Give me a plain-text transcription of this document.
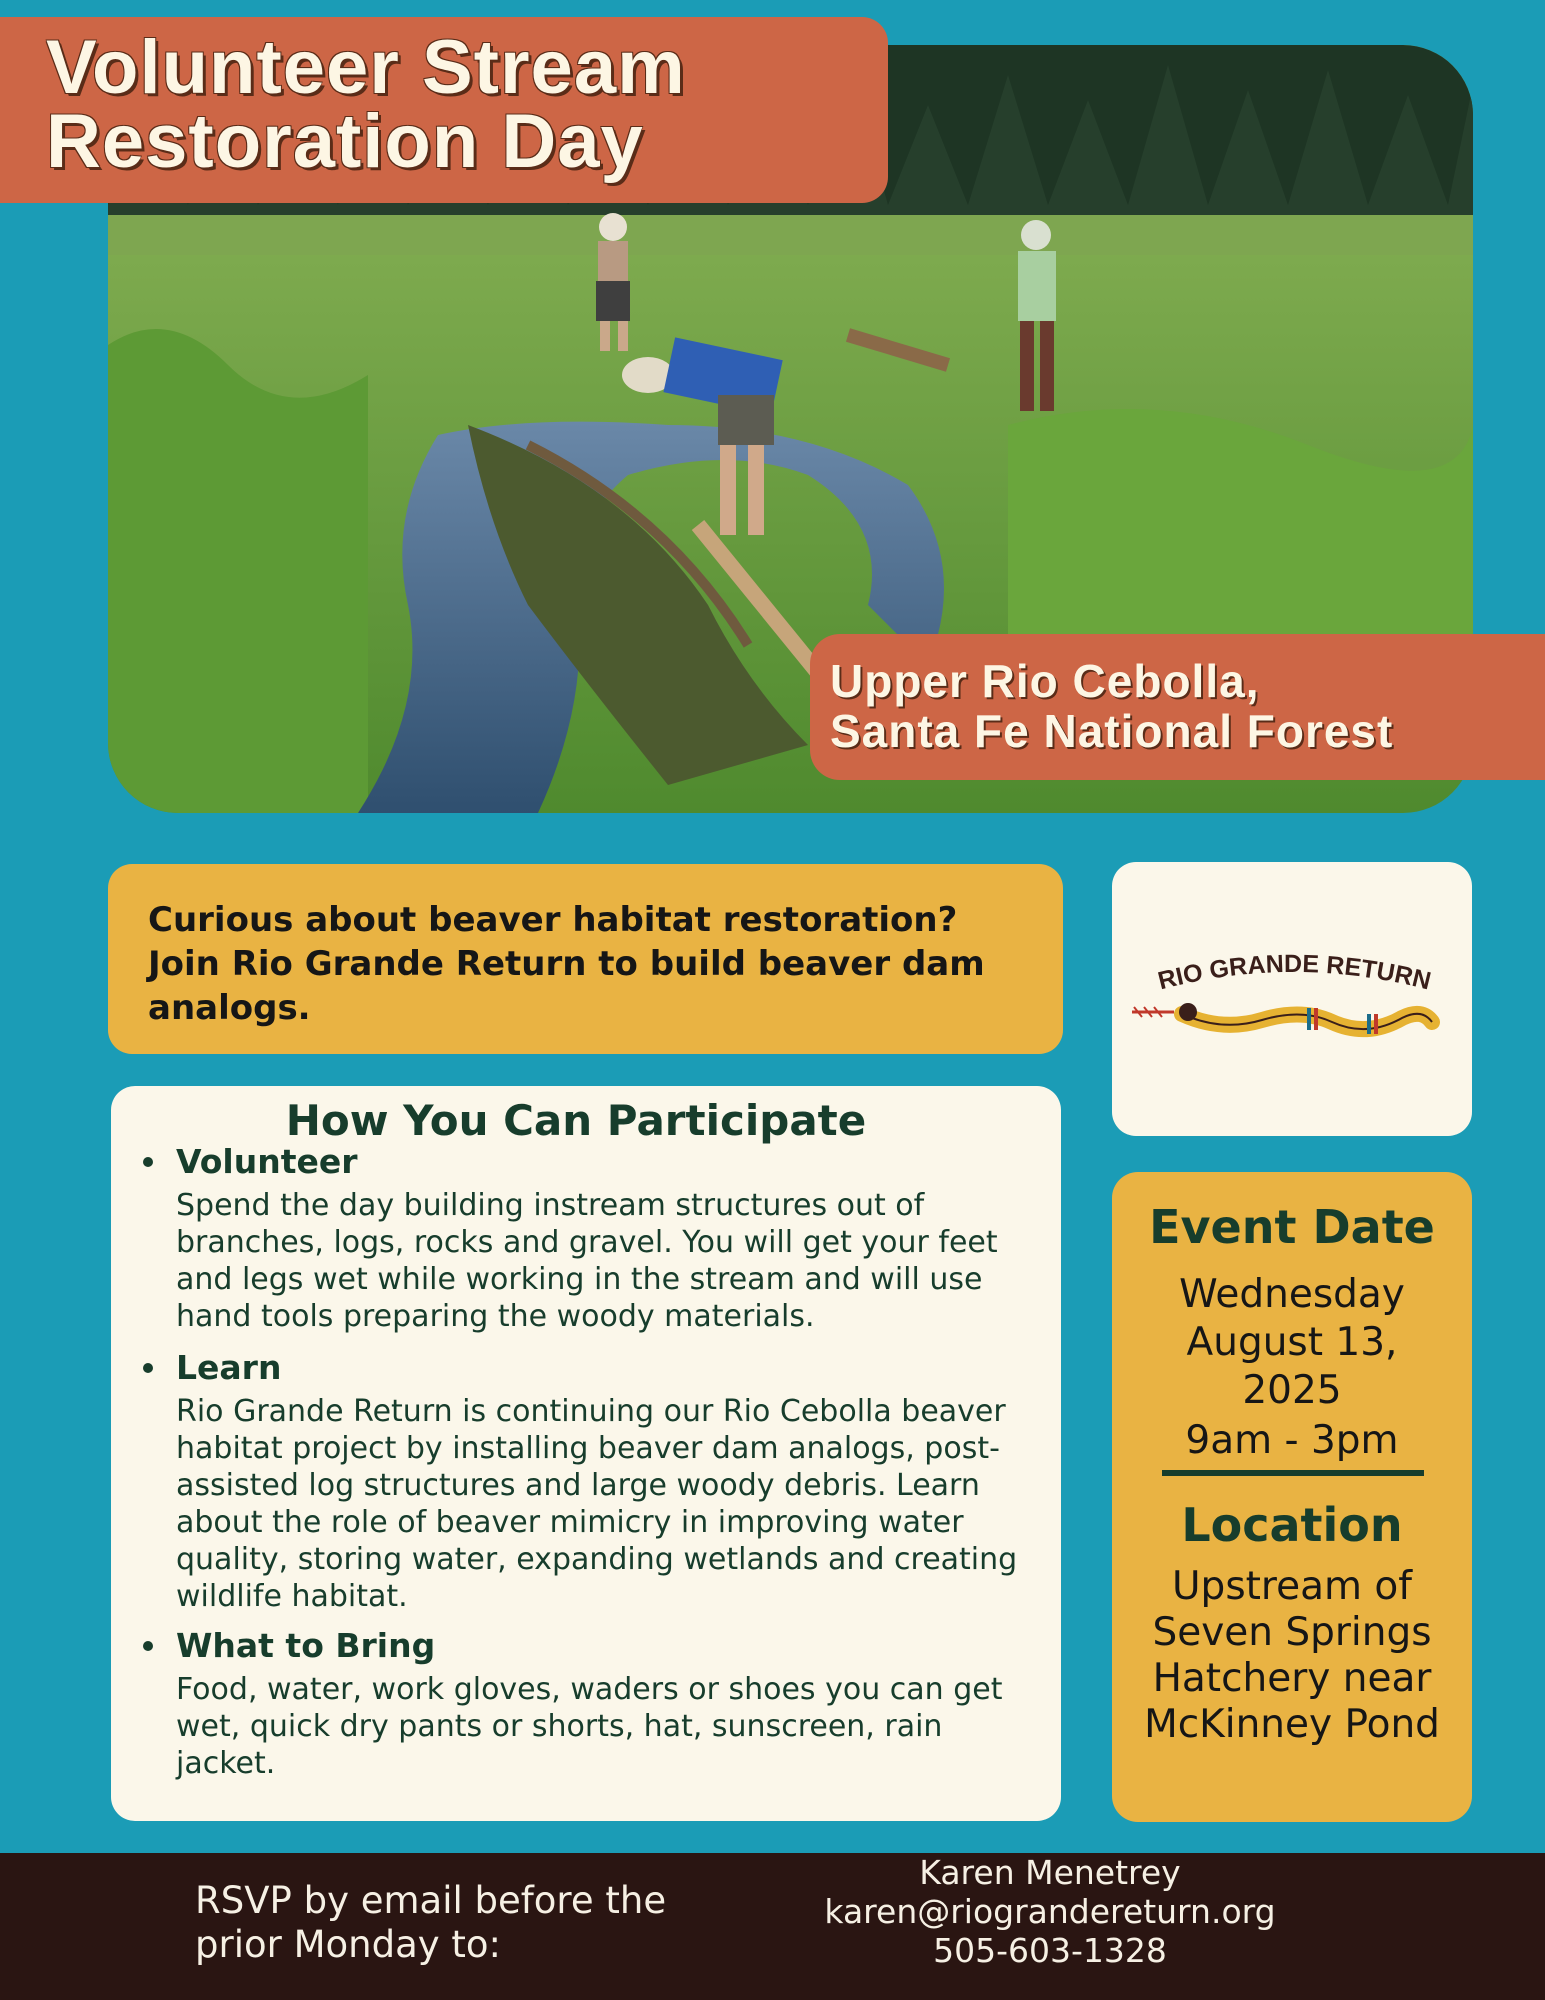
Volunteer Stream
Restoration Day
Upper Rio Cebolla,
Santa Fe National Forest
Curious about beaver habitat restoration? Join Rio Grande Return to build beaver dam analogs.
RIO GRANDE RETURN
How You Can Participate
Volunteer
Spend the day building instream structures out of branches, logs, rocks and gravel. You will get your feet and legs wet while working in the stream and will use hand tools preparing the woody materials.
Learn
Rio Grande Return is continuing our Rio Cebolla beaver habitat project by installing beaver dam analogs, post-assisted log structures and large woody debris. Learn about the role of beaver mimicry in improving water quality, storing water, expanding wetlands and creating wildlife habitat.
What to Bring
Food, water, work gloves, waders or shoes you can get wet, quick dry pants or shorts, hat, sunscreen, rain jacket.
Event Date
Wednesday
August 13,
2025
9am - 3pm
Location
Upstream of
Seven Springs
Hatchery near
McKinney Pond
RSVP by email before the
prior Monday to:
Karen Menetrey
karen@riograndereturn.org
505-603-1328
